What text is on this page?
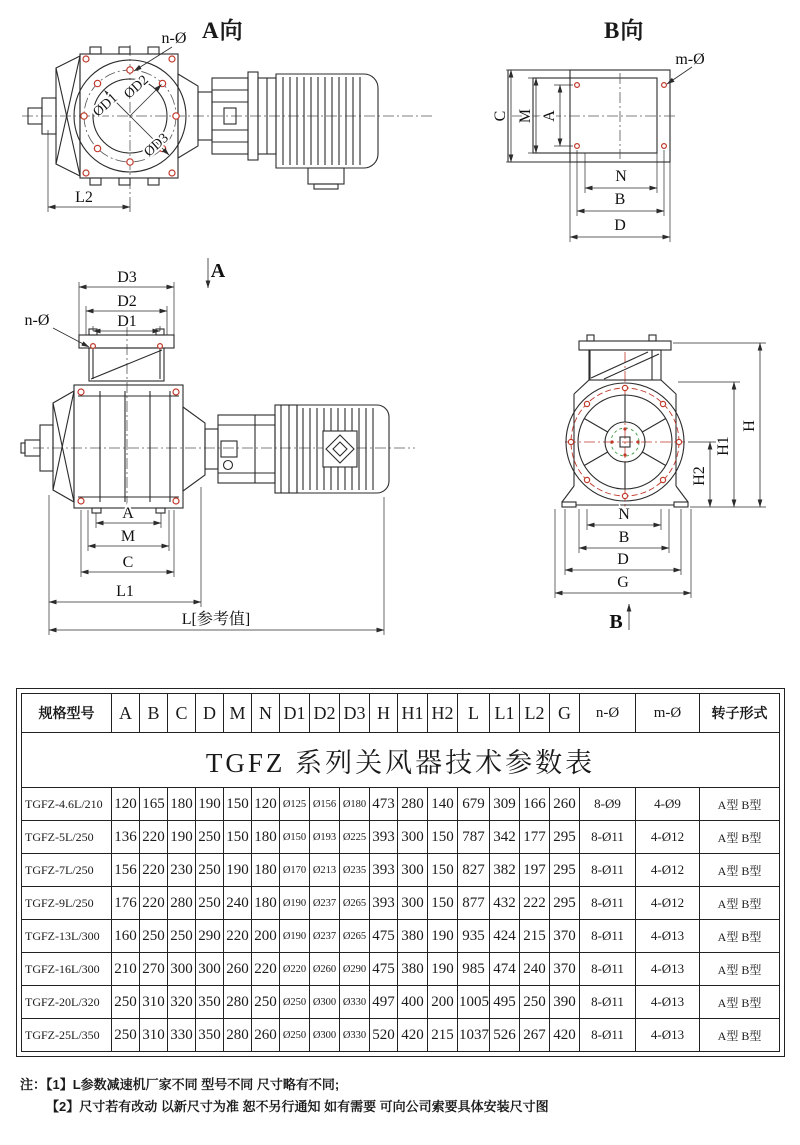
A向	B向
n-Ø
ØD1
ØD2
ØD3
L2
C M A
N
B
D
m-Ø
A
D3
D2
D1
n-Ø
A
M
C
L1
L[参考值]
H2
H1
H
N
B
D
G
B
TGFZ 系列关风器技术参数表																			
规格型号	A	B	C	D	M	N	D1	D2	D3	H	H1	H2	L	L1	L2	G	n-Ø	m-Ø	转子形式
TGFZ-4.6L/210	120	165	180	190	150	120	Ø125	Ø156	Ø180	473	280	140	679	309	166	260	8-Ø9	4-Ø9	A型 B型
TGFZ-5L/250	136	220	190	250	150	180	Ø150	Ø193	Ø225	393	300	150	787	342	177	295	8-Ø11	4-Ø12	A型 B型
TGFZ-7L/250	156	220	230	250	190	180	Ø170	Ø213	Ø235	393	300	150	827	382	197	295	8-Ø11	4-Ø12	A型 B型
TGFZ-9L/250	176	220	280	250	240	180	Ø190	Ø237	Ø265	393	300	150	877	432	222	295	8-Ø11	4-Ø12	A型 B型
TGFZ-13L/300	160	250	250	290	220	200	Ø190	Ø237	Ø265	475	380	190	935	424	215	370	8-Ø11	4-Ø13	A型 B型
TGFZ-16L/300	210	270	300	300	260	220	Ø220	Ø260	Ø290	475	380	190	985	474	240	370	8-Ø11	4-Ø13	A型 B型
TGFZ-20L/320	250	310	320	350	280	250	Ø250	Ø300	Ø330	497	400	200	1005	495	250	390	8-Ø11	4-Ø13	A型 B型
TGFZ-25L/350	250	310	330	350	280	260	Ø250	Ø300	Ø330	520	420	215	1037	526	267	420	8-Ø11	4-Ø13	A型 B型
注：【1】L参数减速机厂家不同 型号不同 尺寸略有不同;
【2】尺寸若有改动 以新尺寸为准 恕不另行通知 如有需要 可向公司索要具体安装尺寸图
